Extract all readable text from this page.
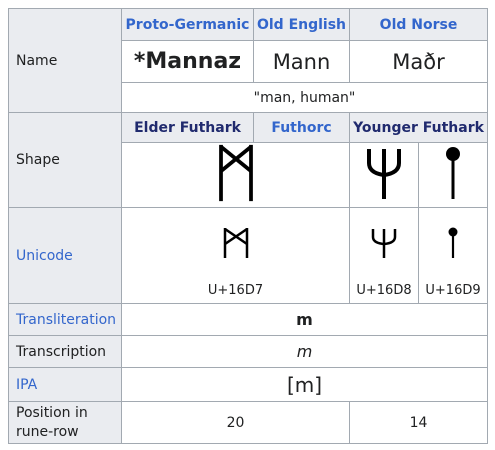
Name	Proto-Germanic	Old English	Old Norse	
	*Mannaz	Mann	Maðr	
	"man, human"			
Shape	Elder Futhark	Futhorc	Younger Futhark	

Unicode	U+16D7		U+16D8	U+16D9

Transliteration	m			
Transcription	m			
IPA	[m]			
Position in rune-row	20		14	
